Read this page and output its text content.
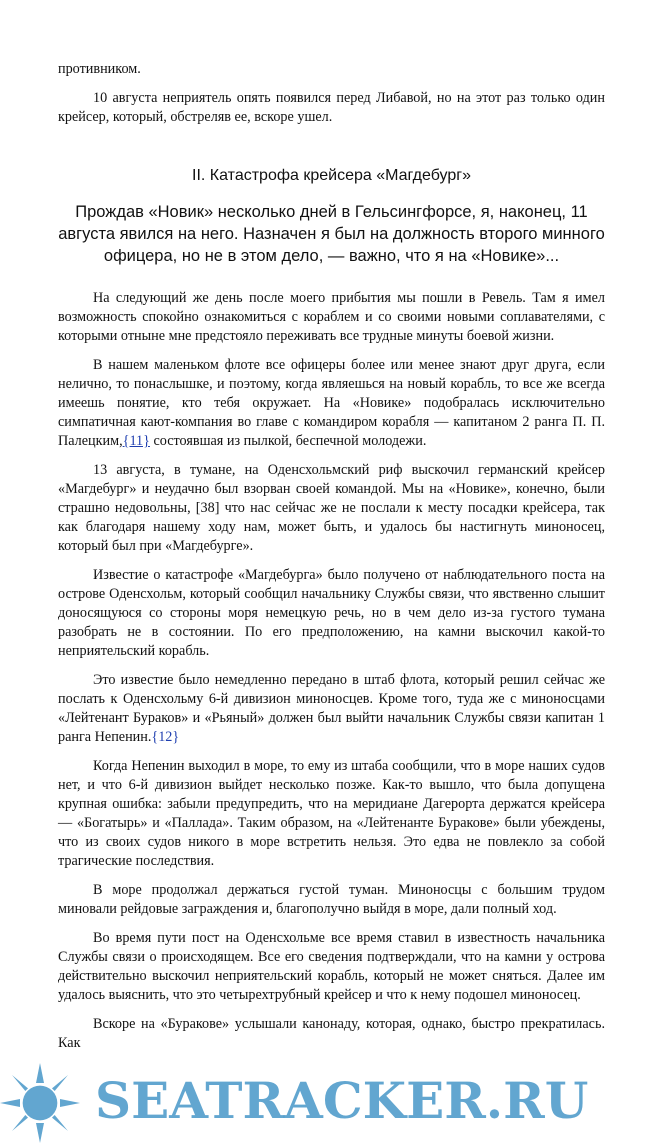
противником.

10 августа неприятель опять появился перед Либавой, но на этот раз только один крейсер, который, обстреляв ее, вскоре ушел.

II. Катастрофа крейсера «Магдебург»
Прождав «Новик» несколько дней в Гельсингфорсе, я, наконец, 11 августа явился на него. Назначен я был на должность второго минного офицера, но не в этом дело, — важно, что я на «Новике»...

На следующий же день после моего прибытия мы пошли в Ревель. Там я имел возможность спокойно ознакомиться с кораблем и со своими новыми соплавателями, с которыми отныне мне предстояло переживать все трудные минуты боевой жизни.

В нашем маленьком флоте все офицеры более или менее знают друг друга, если нелично, то понаслышке, и поэтому, когда являешься на новый корабль, то все же всегда имеешь понятие, кто тебя окружает. На «Новике» подобралась исключительно симпатичная кают-компания во главе с командиром корабля — капитаном 2 ранга П. П. Палецким,{11} состоявшая из пылкой, беспечной молодежи.

13 августа, в тумане, на Оденсхольмский риф выскочил германский крейсер «Магдебург» и неудачно был взорван своей командой. Мы на «Новике», конечно, были страшно недовольны, [38] что нас сейчас же не послали к месту посадки крейсера, так как благодаря нашему ходу нам, может быть, и удалось бы настигнуть миноносец, который был при «Магдебурге».

Известие о катастрофе «Магдебурга» было получено от наблюдательного поста на острове Оденсхольм, который сообщил начальнику Службы связи, что явственно слышит доносящуюся со стороны моря немецкую речь, но в чем дело из-за густого тумана разобрать не в состоянии. По его предположению, на камни выскочил какой-то неприятельский корабль.

Это известие было немедленно передано в штаб флота, который решил сейчас же послать к Оденсхольму 6-й дивизион миноносцев. Кроме того, туда же с миноносцами «Лейтенант Бураков» и «Рьяный» должен был выйти начальник Службы связи капитан 1 ранга Непенин.{12}

Когда Непенин выходил в море, то ему из штаба сообщили, что в море наших судов нет, и что 6-й дивизион выйдет несколько позже. Как-то вышло, что была допущена крупная ошибка: забыли предупредить, что на меридиане Дагерорта держатся крейсера — «Богатырь» и «Паллада». Таким образом, на «Лейтенанте Буракове» были убеждены, что из своих судов никого в море встретить нельзя. Это едва не повлекло за собой трагические последствия.

В море продолжал держаться густой туман. Миноносцы с большим трудом миновали рейдовые заграждения и, благополучно выйдя в море, дали полный ход.

Во время пути пост на Оденсхольме все время ставил в известность начальника Службы связи о происходящем. Все его сведения подтверждали, что на камни у острова действительно выскочил неприятельский корабль, который не может сняться. Далее им удалось выяснить, что это четырехтрубный крейсер и что к нему подошел миноносец.

Вскоре на «Буракове» услышали канонаду, которая, однако, быстро прекратилась. Как

SEATRACKER.RU
